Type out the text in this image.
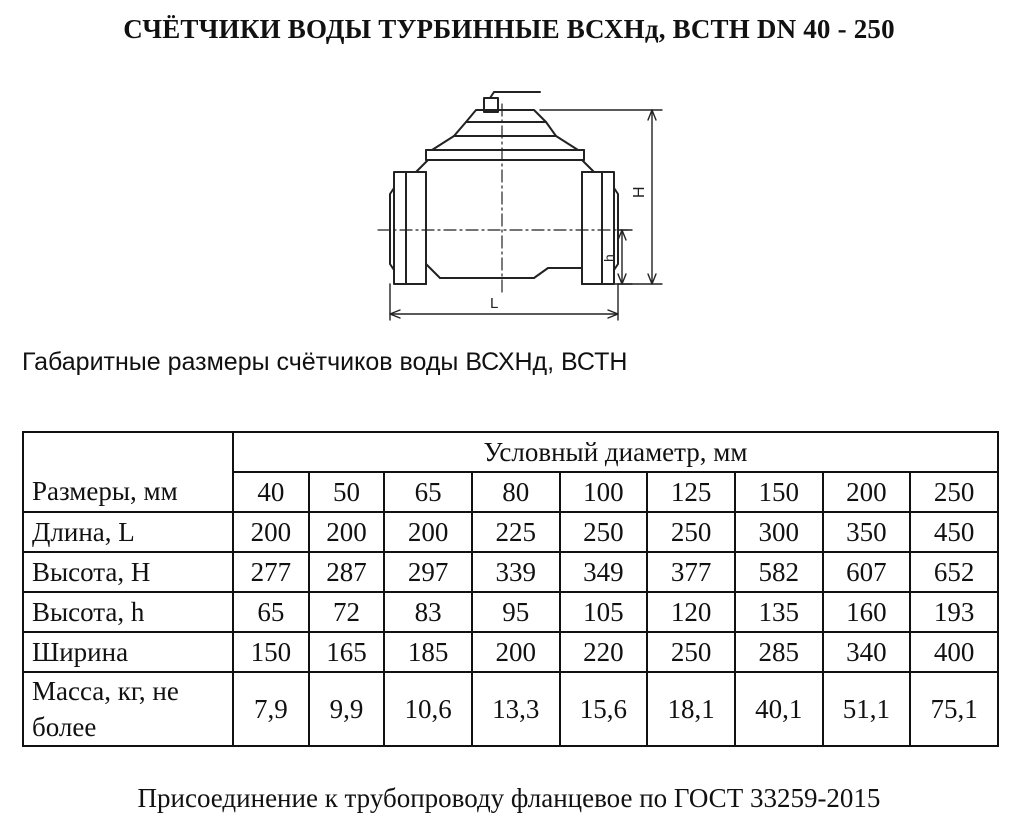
СЧЁТЧИКИ ВОДЫ ТУРБИННЫЕ ВСХНд, ВСТН DN 40 - 250
H
h
L
Габаритные размеры счётчиков воды ВСХНд, ВСТН
	Условный диаметр, мм								
Размеры, мм	40	50	65	80	100	125	150	200	250
Длина, L	200	200	200	225	250	250	300	350	450
Высота, H	277	287	297	339	349	377	582	607	652
Высота, h	65	72	83	95	105	120	135	160	193
Ширина	150	165	185	200	220	250	285	340	400
Масса, кг, не более	7,9	9,9	10,6	13,3	15,6	18,1	40,1	51,1	75,1
Присоединение к трубопроводу фланцевое по ГОСТ 33259-2015
